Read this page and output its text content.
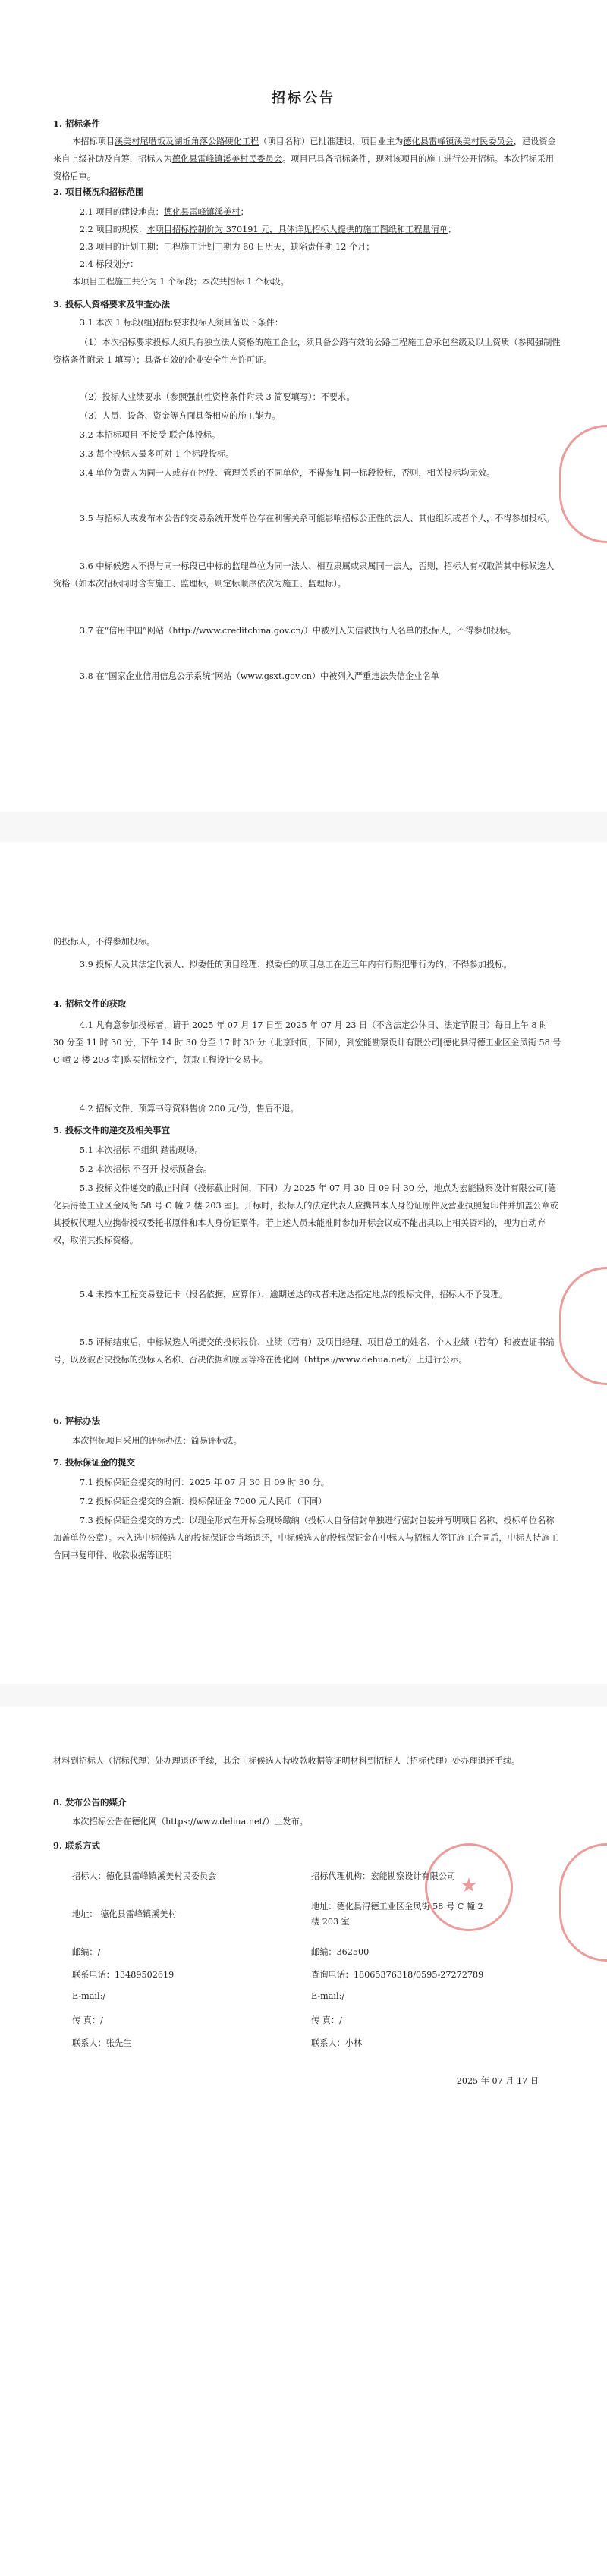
招标公告
1. 招标条件
本招标项目溪美村尾厝坂及湖坵角落公路硬化工程（项目名称）已批准建设，项目业主为德化县雷峰镇溪美村民委员会，建设资金来自上级补助及自筹，招标人为德化县雷峰镇溪美村民委员会。项目已具备招标条件，现对该项目的施工进行公开招标。本次招标采用资格后审。
2. 项目概况和招标范围
2.1 项目的建设地点：德化县雷峰镇溪美村；
2.2 项目的规模：本项目招标控制价为 370191 元，具体详见招标人提供的施工图纸和工程量清单；
2.3 项目的计划工期：工程施工计划工期为 60 日历天，缺陷责任期 12 个月；
2.4 标段划分：
本项目工程施工共分为 1 个标段；本次共招标 1 个标段。
3. 投标人资格要求及审查办法
3.1 本次 1 标段(组)招标要求投标人须具备以下条件：
（1）本次招标要求投标人须具有独立法人资格的施工企业，须具备公路有效的公路工程施工总承包叁级及以上资质（参照强制性资格条件附录 1 填写）；具备有效的企业安全生产许可证。
（2）投标人业绩要求（参照强制性资格条件附录 3 简要填写）：不要求。
（3）人员、设备、资金等方面具备相应的施工能力。
3.2 本招标项目 不接受 联合体投标。
3.3 每个投标人最多可对 1 个标段投标。
3.4 单位负责人为同一人或存在控股、管理关系的不同单位，不得参加同一标段投标，否则，相关投标均无效。
3.5 与招标人或发布本公告的交易系统开发单位存在利害关系可能影响招标公正性的法人、其他组织或者个人，不得参加投标。
3.6 中标候选人不得与同一标段已中标的监理单位为同一法人、相互隶属或隶属同一法人，否则，招标人有权取消其中标候选人资格（如本次招标同时含有施工、监理标，则定标顺序依次为施工、监理标）。
3.7 在“信用中国”网站（http://www.creditchina.gov.cn/）中被列入失信被执行人名单的投标人，不得参加投标。
3.8 在“国家企业信用信息公示系统”网站（www.gsxt.gov.cn）中被列入严重违法失信企业名单
的投标人，不得参加投标。
3.9 投标人及其法定代表人、拟委任的项目经理、拟委任的项目总工在近三年内有行贿犯罪行为的，不得参加投标。
4. 招标文件的获取
4.1 凡有意参加投标者，请于 2025 年 07 月 17 日至 2025 年 07 月 23 日（不含法定公休日、法定节假日）每日上午 8 时 30 分至 11 时 30 分，下午 14 时 30 分至 17 时 30 分（北京时间，下同），到宏能勘察设计有限公司[德化县浔德工业区金凤街 58 号 C 幢 2 楼 203 室]购买招标文件，领取工程设计交易卡。
4.2 招标文件、预算书等资料售价 200 元/份，售后不退。
5. 投标文件的递交及相关事宜
5.1 本次招标 不组织 踏勘现场。
5.2 本次招标 不召开 投标预备会。
5.3 投标文件递交的截止时间（投标截止时间，下同）为 2025 年 07 月 30 日 09 时 30 分，地点为宏能勘察设计有限公司[德化县浔德工业区金凤街 58 号 C 幢 2 楼 203 室]。开标时，投标人的法定代表人应携带本人身份证原件及营业执照复印件并加盖公章或其授权代理人应携带授权委托书原件和本人身份证原件。若上述人员未能准时参加开标会议或不能出具以上相关资料的，视为自动弃权，取消其投标资格。
5.4 未按本工程交易登记卡（报名依据，应算作），逾期送达的或者未送达指定地点的投标文件，招标人不予受理。
5.5 评标结束后，中标候选人所提交的投标报价、业绩（若有）及项目经理、项目总工的姓名、个人业绩（若有）和被查证书编号，以及被否决投标的投标人名称、否决依据和原因等将在德化网（https://www.dehua.net/）上进行公示。
6. 评标办法
本次招标项目采用的评标办法：简易评标法。
7. 投标保证金的提交
7.1 投标保证金提交的时间：2025 年 07 月 30 日 09 时 30 分。
7.2 投标保证金提交的金额：投标保证金 7000 元人民币（下同）
7.3 投标保证金提交的方式：以现金形式在开标会现场缴纳（投标人自备信封单独进行密封包装并写明项目名称、投标单位名称加盖单位公章）。未入选中标候选人的投标保证金当场退还，中标候选人的投标保证金在中标人与招标人签订施工合同后，中标人持施工合同书复印件、收款收据等证明
材料到招标人（招标代理）处办理退还手续，其余中标候选人持收款收据等证明材料到招标人（招标代理）处办理退还手续。
8. 发布公告的媒介
本次招标公告在德化网（https://www.dehua.net/）上发布。
9. 联系方式
招标人：德化县雷峰镇溪美村民委员会
地址： 德化县雷峰镇溪美村
邮编：/
联系电话：13489502619
E-mail:/
传 真：/
联系人：张先生
招标代理机构：宏能勘察设计有限公司
地址：德化县浔德工业区金凤街 58 号 C 幢 2
楼 203 室
邮编：362500
查询电话：18065376318/0595-27272789
E-mail:/
传 真：/
联系人：小林
2025 年 07 月 17 日
★
